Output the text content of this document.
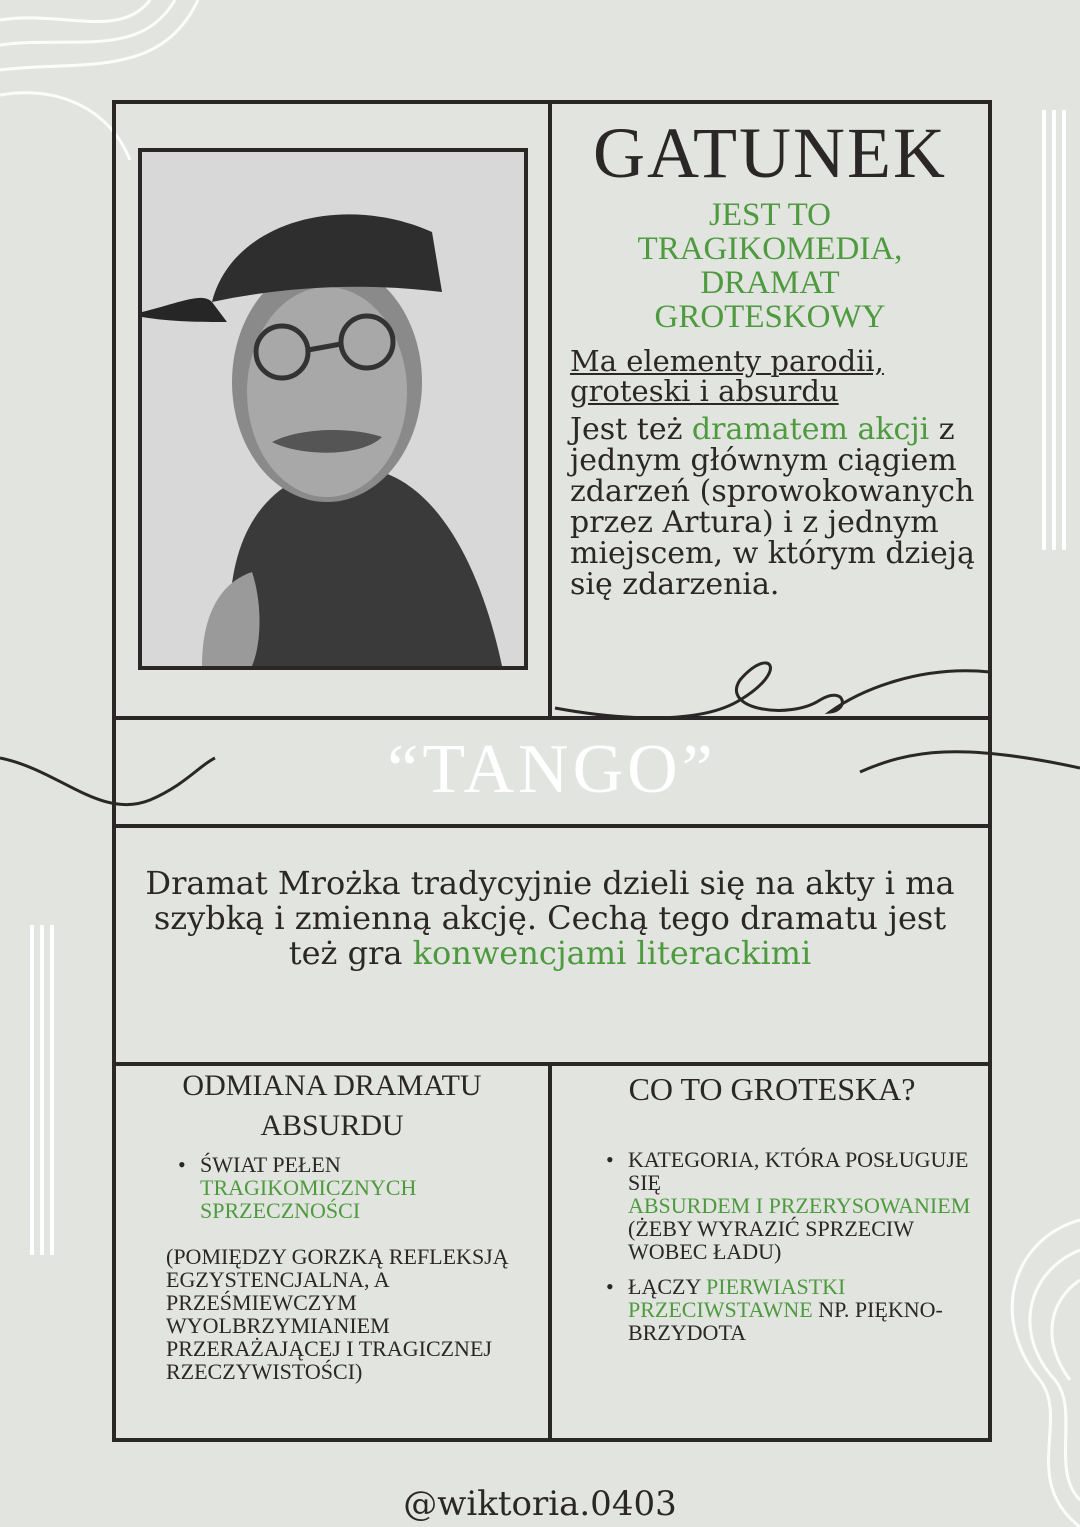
GATUNEK
JEST TO
TRAGIKOMEDIA,
DRAMAT
GROTESKOWY
Ma elementy parodii,
groteski i absurdu
Jest też dramatem akcji z jednym głównym ciągiem zdarzeń (sprowokowanych przez Artura) i z jednym miejscem, w którym dzieją się zdarzenia.
“TANGO”
Dramat Mrożka tradycyjnie dzieli się na akty i ma szybką i zmienną akcję. Cechą tego dramatu jest też gra konwencjami literackimi
ODMIANA DRAMATU
ABSURDU
• ŚWIAT PEŁEN
TRAGIKOMICZNYCH SPRZECZNOŚCI
(POMIĘDZY GORZKĄ REFLEKSJĄ EGZYSTENCJALNA, A PRZEŚMIEWCZYM WYOLBRZYMIANIEM PRZERAŻAJĄCEJ I TRAGICZNEJ RZECZYWISTOŚCI)
CO TO GROTESKA?
• KATEGORIA, KTÓRA POSŁUGUJE SIĘ
ABSURDEM I PRZERYSOWANIEM
(ŻEBY WYRAZIĆ SPRZECIW WOBEC ŁADU)
• ŁĄCZY PIERWIASTKI PRZECIWSTAWNE NP. PIĘKNO- BRZYDOTA
@wiktoria.0403
